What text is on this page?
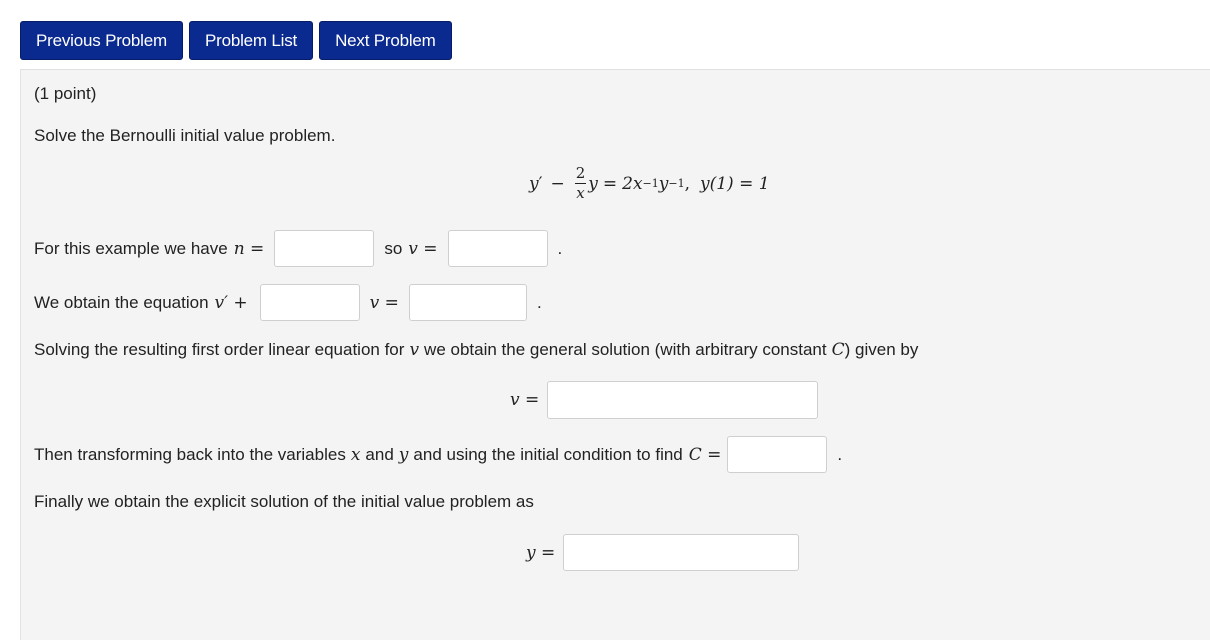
Previous Problem	Problem List	Next Problem
(1 point)
Solve the Bernoulli initial value problem.
y ′ − $\frac{2}{x}$ y = 2x −1 y −1 , y(1) = 1
For this example we have n =	so v =	.
We obtain the equation v′ +	v =	.
Solving the resulting first order linear equation for v we obtain the general solution (with arbitrary constant C ) given by
v =
Then transforming back into the variables x and y and using the initial condition to find C =	.
Finally we obtain the explicit solution of the initial value problem as
y =
